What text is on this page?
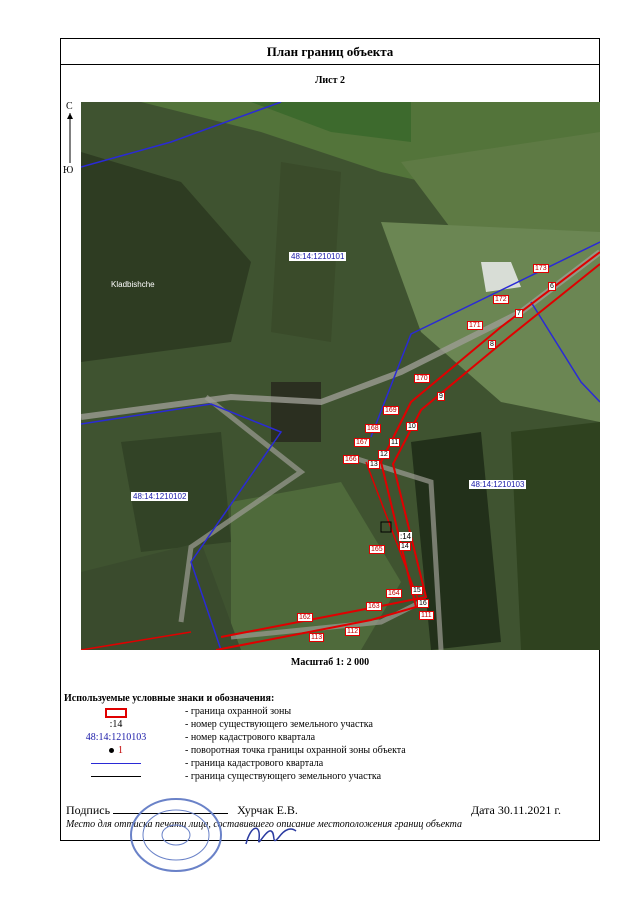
План границ объекта
Лист 2
С
Ю
Kladbishche
48:14:1210101
48:14:1210102
48:14:1210103
:14
173
172
171
170
169
168
167
166
165
164
163
162
113
112
111
6
7
8
9
10
11
12
13
14
15
16
Масштаб 1: 2 000
Используемые условные знаки и обозначения:
- граница охранной зоны
:14	- номер существующего земельного участка
48:14:1210103	- номер кадастрового квартала
1	- поворотная точка границы охранной зоны объекта
- граница кадастрового квартала
- граница существующего земельного участка
Подпись	Хурчак Е.В.	Дата 30.11.2021 г.
Место для оттиска печати лица, составившего описание местоположения границ объекта
